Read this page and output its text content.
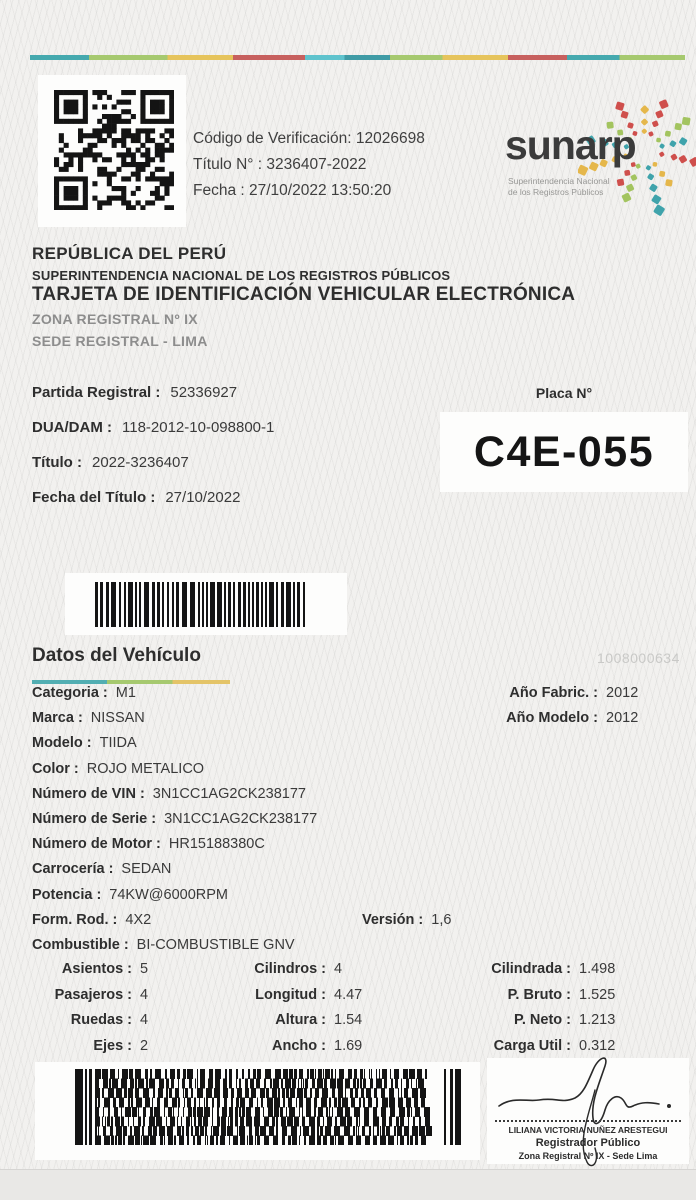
Código de Verificación: 12026698
Título N° : 3236407-2022
Fecha : 27/10/2022 13:50:20
sunarp
Superintendencia Nacional
de los Registros Públicos
REPÚBLICA DEL PERÚ
SUPERINTENDENCIA NACIONAL DE LOS REGISTROS PÚBLICOS
TARJETA DE IDENTIFICACIÓN VEHICULAR ELECTRÓNICA
ZONA REGISTRAL Nº IX
SEDE REGISTRAL - LIMA
Partida Registral : 52336927
DUA/DAM : 118-2012-10-098800-1
Título : 2022-3236407
Fecha del Título : 27/10/2022
Placa N°
C4E-055
Datos del Vehículo	1008000634
Categoria : M1
Marca : NISSAN
Modelo : TIIDA
Color : ROJO METALICO
Número de VIN : 3N1CC1AG2CK238177
Número de Serie : 3N1CC1AG2CK238177
Número de Motor : HR15188380C
Carrocería : SEDAN
Potencia : 74KW@6000RPM
Form. Rod. : 4X2
Combustible : BI-COMBUSTIBLE GNV
Año Fabric. : 2012
Año Modelo : 2012
Versión : 1,6
Asientos : 5
Pasajeros : 4
Ruedas : 4
Ejes : 2
Cilindros : 4
Longitud : 4.47
Altura : 1.54
Ancho : 1.69
Cilindrada : 1.498
P. Bruto : 1.525
P. Neto : 1.213
Carga Util : 0.312
LILIANA VICTORIA NUÑEZ ARESTEGUI
Registrador Público
Zona Registral Nº IX - Sede Lima
